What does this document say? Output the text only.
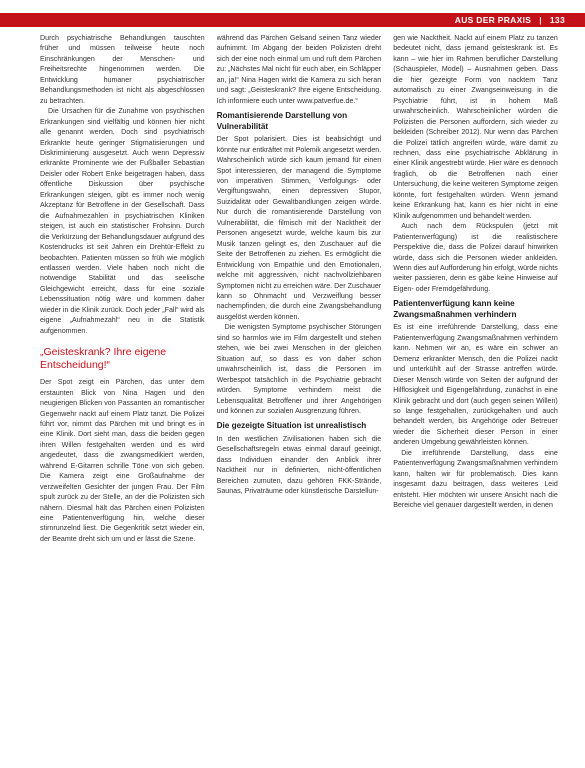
AUS DER PRAXIS | 133

Durch psychiatrische Behandlungen tauschten früher und müssen teilweise heute noch Einschränkungen der Menschen- und Freiheitsrechte hingenommen werden. Die Entwicklung humaner psychiatrischer Behandlungsmethoden ist nicht als abgeschlossen zu betrachten.

Die Ursachen für die Zunahme von psychischen Erkrankungen sind vielfältig und können hier nicht alle genannt werden. Doch sind psychiatrisch Erkrankte heute geringer Stigmatisierungen und Diskriminierung ausgesetzt. Auch wenn Depressiv erkrankte Prominente wie der Fußballer Sebastian Deisler oder Robert Enke beigetragen haben, dass öffentliche Diskussion über psychische Erkrankungen steigen, gibt es immer noch wenig Akzeptanz für Betroffene in der Gesellschaft. Dass die Aufnahmezahlen in psychiatrischen Kliniken steigen, ist auch ein statistischer Frohsinn. Durch die Verkürzung der Behandlungsdauer aufgrund des Kostendrucks ist seit Jahren ein Drehtür-Effekt zu beobachten. Patienten müssen so früh wie möglich entlassen werden. Viele haben noch nicht die notwendige Stabilität und das seelische Gleichgewicht erreicht, dass für eine soziale Lebenssituation nötig wäre und kommen daher wieder in die Klinik zurück. Doch jeder „Fall“ wird als eigene „Aufnahmezahl“ neu in die Statistik aufgenommen.

„Geisteskrank? Ihre eigene Entscheidung!“

Der Spot zeigt ein Pärchen, das unter dem erstaunten Blick von Nina Hagen und den neugierigen Blicken von Passanten an romantischer Gegenwehr nackt auf einem Platz tanzt. Die Polizei führt vor, nimmt das Pärchen mit und bringt es in eine Klinik. Dort sieht man, dass die beiden gegen ihren Willen festgehalten werden und es wird angedeutet, dass die zwangsmedikiert werden, während E-Gitarren schrille Töne von sich geben. Die Kamera zeigt eine Großaufnahme der verzweifelten Gesichter der jungen Frau. Der Film spult zurück zu der Stelle, an der die Polizisten sich nähern. Diesmal hält das Pärchen einen Polizisten eine Patientenverfügung hin, welche dieser stirnrunzelnd liest. Die Gegenkritik setzt wieder ein, der Beamte dreht sich um und er lässt die Szene.

während das Pärchen Gelsand seinen Tanz wieder aufnimmt. Im Abgang der beiden Polizisten dreht sich der eine noch einmal um und ruft dem Pärchen zu: „Nächstes Mal nicht für euch aber, ein Schläpper an, ja!“ Nina Hagen wirkt die Kamera zu sich heran und sagt: „Geisteskrank? Ihre eigene Entscheidung. Ich informiere euch unter www.patverfue.de.“

Romantisierende Darstellung von Vulnerabilität

Der Spot polarisiert. Dies ist beabsichtigt und könnte nur entkräftet mit Polemik angesetzt werden. Wahrscheinlich würde sich kaum jemand für einen Spot interessieren, der managend die Symptome von imperativen Stimmen, Verfolgungs- oder Vergiftungswahn, einen depressiven Stupor, Suizidalität oder Gewaltbandlungen zeigen würde. Nur durch die romantisierende Darstellung von Vulnerabilität, die filmisch mit der Nacktheit der Personen angesetzt wurde, welche kaum bis zur Musik tanzen gelingt es, den Zuschauer auf die Seite der Betroffenen zu ziehen. Es ermöglicht die Entwicklung von Empathie und den Emotionalen, welche mit aggressiven, nicht nachvollziehbaren Symptomen nicht zu erreichen wäre. Der Zuschauer kann so Ohnmacht und Verzweiflung besser nachempfinden, die durch eine Zwangsbehandlung ausgelöst werden können.

Die wenigsten Symptome psychischer Störungen sind so harmlos wie im Film dargestellt und stehen stehen, wie bei zwei Menschen in der gleichen Situation auf, so dass es von daher schon unwahrscheinlich ist, dass die Personen im Werbespot tatsächlich in die Psychiatrie gebracht würden. Symptome verhindern meist die Lebensqualität Betroffener und ihrer Angehörigen und können zur sozialen Ausgrenzung führen.

Die gezeigte Situation ist unrealistisch

In den westlichen Zivilisationen haben sich die Gesellschaftsregeln etwas einmal darauf geeinigt, dass Individuen einander den Anblick ihrer Nacktheit nur in definierten, nicht-öffentlichen Bereichen zumuten, dazu gehören FKK-Strände, Saunas, Privaträume oder künstlerische Darstellun-

gen wie Nacktheit. Nackt auf einem Platz zu tanzen bedeutet nicht, dass jemand geisteskrank ist. Es kann – wie hier im Rahmen beruflicher Darstellung (Schauspieler, Model) – Ausnahmen geben. Dass die hier gezeigte Form von nacktem Tanz automatisch zu einer Zwangseinweisung in die Psychiatrie führt, ist in hohem Maß unwahrscheinlich. Wahrscheinlicher würden die Polizisten die Personen auffordern, sich wieder zu bekleiden (Schreiber 2012). Nur wenn das Pärchen die Polizei tätlich angreifen würde, wäre damit zu rechnen, dass eine psychiatrische Abklärung in einer Klinik angestrebt würde. Hier wäre es dennoch fraglich, ob die Betroffenen nach einer Untersuchung, die keine weiteren Symptome zeigen könnte, fort festgehalten würden. Wenn jemand keine Erkrankung hat, kann es hier nicht in eine Klinik aufgenommen und behandelt werden.

Auch nach dem Rückspulen (jetzt mit Patientenverfügung) ist die realistischere Perspektive die, dass die Polizei darauf hinwirken würde, dass sich die Personen wieder ankleiden. Wenn dies auf Aufforderung hin erfolgt, würde nichts weiter passieren, denn es gäbe keine Hinweise auf Eigen- oder Fremdgefährdung.

Patientenverfügung kann keine Zwangsmaßnahmen verhindern

Es ist eine irreführende Darstellung, dass eine Patientenverfügung Zwangsmaßnahmen verhindern kann. Nehmen wir an, es wäre ein schwer an Demenz erkrankter Mensch, den die Polizei nackt und unterkühlt auf der Strasse antreffen würde. Dieser Mensch würde von Seiten der aufgrund der Hilflosigkeit und Eigengefährdung, zunächst in eine Klinik gebracht und dort (auch gegen seinen Willen) so lange festgehalten, zurückgehalten und auch behandelt werden, bis Angehörige oder Betreuer wieder die Sicherheit dieser Person in einer anderen Umgebung gewährleisten können.

Die irreführende Darstellung, dass eine Patientenverfügung Zwangsmaßnahmen verhindern kann, halten wir für problematisch. Dies kann insgesamt dazu beitragen, dass weiteres Leid entsteht. Hier möchten wir unsere Ansicht nach die Bereiche viel genauer dargestellt werden, in denen
